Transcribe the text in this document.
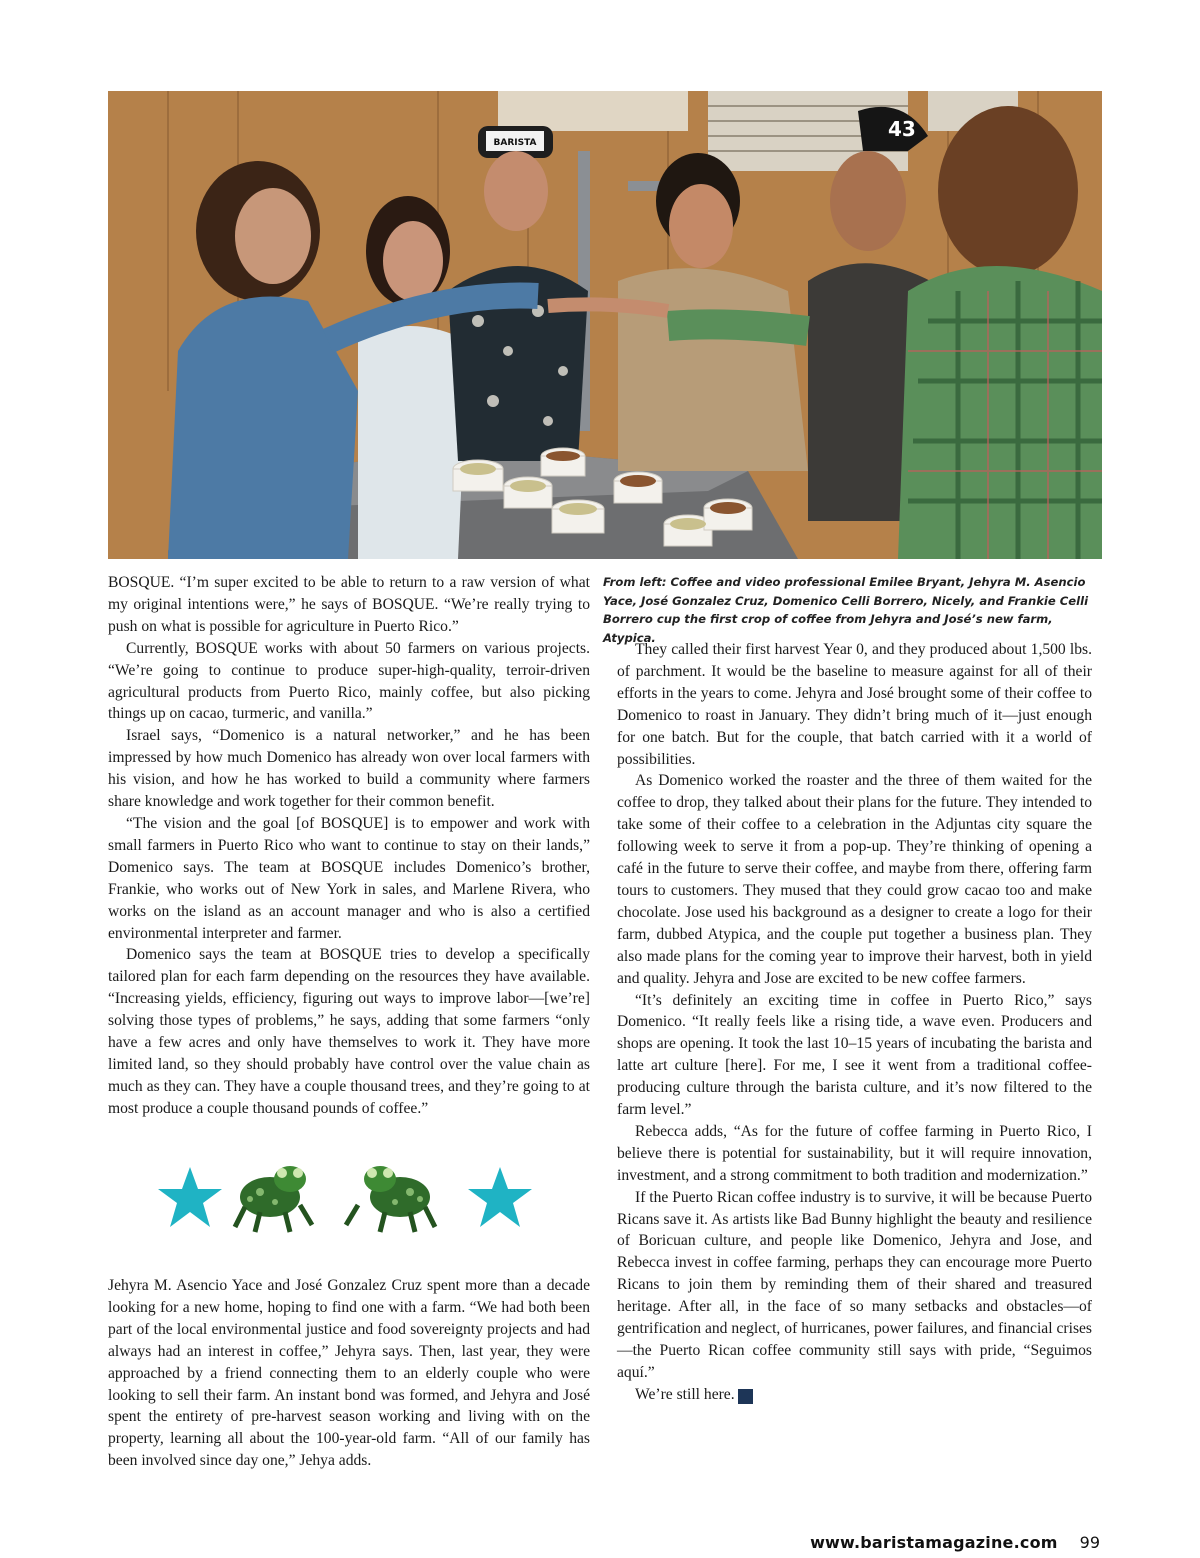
BARISTA
43
From left: Coffee and video professional Emilee Bryant, Jehyra M. Asencio Yace, José Gonzalez Cruz, Domenico Celli Borrero, Nicely, and Frankie Celli Borrero cup the first crop of coffee from Jehyra and José’s new farm, Atypica.

BOSQUE. “I’m super excited to be able to return to a raw version of what my original intentions were,” he says of BOSQUE. “We’re really trying to push on what is possible for agriculture in Puerto Rico.”

Currently, BOSQUE works with about 50 farmers on various projects. “We’re going to continue to produce super-high-quality, terroir-driven agricultural products from Puerto Rico, mainly coffee, but also picking things up on cacao, turmeric, and vanilla.”

Israel says, “Domenico is a natural networker,” and he has been impressed by how much Domenico has already won over local farmers with his vision, and how he has worked to build a community where farmers share knowledge and work together for their common benefit.

“The vision and the goal [of BOSQUE] is to empower and work with small farmers in Puerto Rico who want to continue to stay on their lands,” Domenico says. The team at BOSQUE includes Domenico’s brother, Frankie, who works out of New York in sales, and Marlene Rivera, who works on the island as an account manager and who is also a certified environmental interpreter and farmer.

Domenico says the team at BOSQUE tries to develop a specifically tailored plan for each farm depending on the resources they have available. “Increasing yields, efficiency, figuring out ways to improve labor—[we’re] solving those types of problems,” he says, adding that some farmers “only have a few acres and only have themselves to work it. They have more limited land, so they should probably have control over the value chain as much as they can. They have a couple thousand trees, and they’re going to at most produce a couple thousand pounds of coffee.”

Jehyra M. Asencio Yace and José Gonzalez Cruz spent more than a decade looking for a new home, hoping to find one with a farm. “We had both been part of the local environmental justice and food sovereignty projects and had always had an interest in coffee,” Jehyra says. Then, last year, they were approached by a friend connecting them to an elderly couple who were looking to sell their farm. An instant bond was formed, and Jehyra and José spent the entirety of pre-harvest season working and living with on the property, learning all about the 100-year-old farm. “All of our family has been involved since day one,” Jehya adds.

They called their first harvest Year 0, and they produced about 1,500 lbs. of parchment. It would be the baseline to measure against for all of their efforts in the years to come. Jehyra and José brought some of their coffee to Domenico to roast in January. They didn’t bring much of it—just enough for one batch. But for the couple, that batch carried with it a world of possibilities.

As Domenico worked the roaster and the three of them waited for the coffee to drop, they talked about their plans for the future. They intended to take some of their coffee to a celebration in the Adjuntas city square the following week to serve it from a pop-up. They’re thinking of opening a café in the future to serve their coffee, and maybe from there, offering farm tours to customers. They mused that they could grow cacao too and make chocolate. Jose used his background as a designer to create a logo for their farm, dubbed Atypica, and the couple put together a business plan. They also made plans for the coming year to improve their harvest, both in yield and quality. Jehyra and Jose are excited to be new coffee farmers.

“It’s definitely an exciting time in coffee in Puerto Rico,” says Domenico. “It really feels like a rising tide, a wave even. Producers and shops are opening. It took the last 10–15 years of incubating the barista and latte art culture [here]. For me, I see it went from a traditional coffee-producing culture through the barista culture, and it’s now filtered to the farm level.”

Rebecca adds, “As for the future of coffee farming in Puerto Rico, I believe there is potential for sustainability, but it will require innovation, investment, and a strong commitment to both tradition and modernization.”

If the Puerto Rican coffee industry is to survive, it will be because Puerto Ricans save it. As artists like Bad Bunny highlight the beauty and resilience of Boricuan culture, and people like Domenico, Jehyra and Jose, and Rebecca invest in coffee farming, perhaps they can encourage more Puerto Ricans to join them by reminding them of their shared and treasured heritage. After all, in the face of so many setbacks and obstacles—of gentrification and neglect, of hurricanes, power failures, and financial crises—the Puerto Rican coffee community still says with pride, “Seguimos aquí.”

We’re still here. b

www.baristamagazine.com 99
